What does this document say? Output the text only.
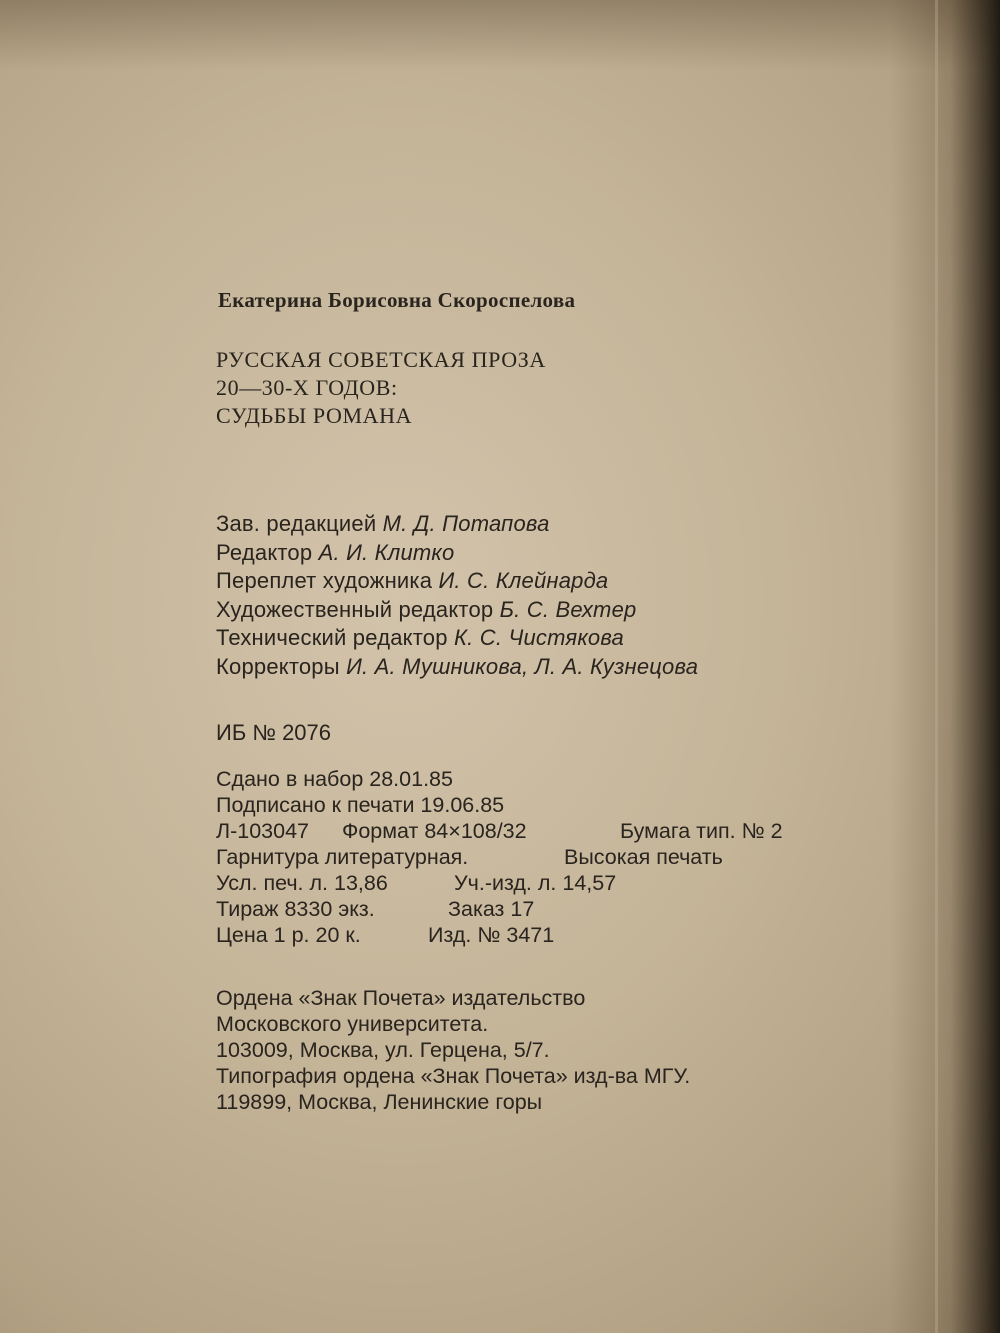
Екатерина Борисовна Скороспелова
РУССКАЯ СОВЕТСКАЯ ПРОЗА
20—30-Х ГОДОВ:
СУДЬБЫ РОМАНА
Зав. редакцией М. Д. Потапова
Редактор А. И. Клитко
Переплет художника И. С. Клейнарда
Художественный редактор Б. С. Вехтер
Технический редактор К. С. Чистякова
Корректоры И. А. Мушникова, Л. А. Кузнецова
ИБ № 2076
Сдано в набор 28.01.85
Подписано к печати 19.06.85
Л-103047 Формат 84×108/32	Бумага тип. № 2
Гарнитура литературная.	Высокая печать
Усл. печ. л. 13,86	Уч.-изд. л. 14,57
Тираж 8330 экз.	Заказ 17
Цена 1 р. 20 к.	Изд. № 3471
Ордена «Знак Почета» издательство
Московского университета.
103009, Москва, ул. Герцена, 5/7.
Типография ордена «Знак Почета» изд-ва МГУ.
119899, Москва, Ленинские горы
